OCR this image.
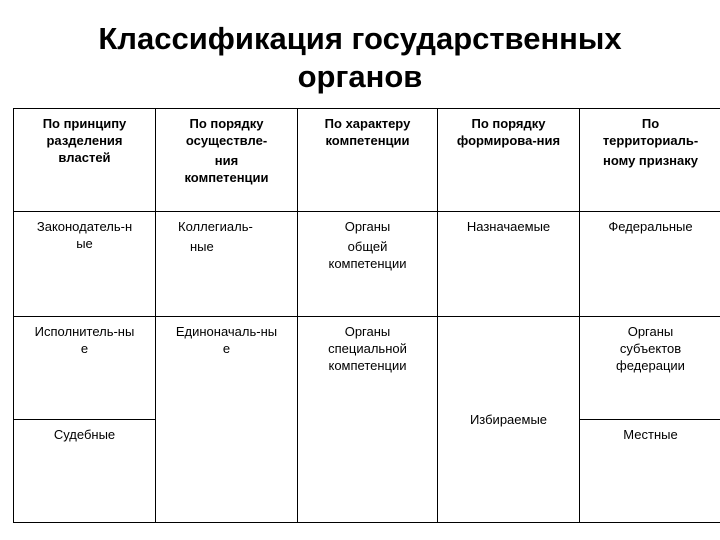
Классификация государственных
органов
По принципу
разделения
властей	По порядку
осуществле-
ния
компетенции	По характеру
компетенции	По порядку
формирова-ния	По
территориаль-
ному признаку

Законодатель-н
ые	Коллегиаль-
ные	Органы
общей
компетенции	Назначаемые	Федеральные

Исполнитель-ны
е	Единоначаль-ны
е	Органы
специальной
компетенции	Избираемые	Органы
субъектов
федерации

Судебные				Местные
